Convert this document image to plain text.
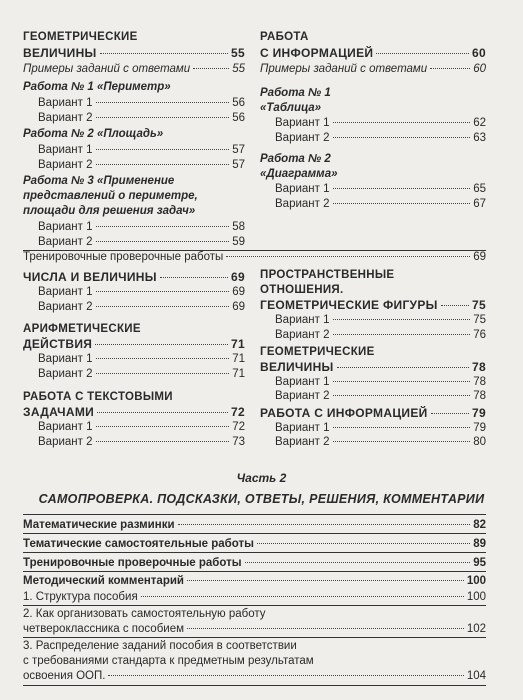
ГЕОМЕТРИЧЕСКИЕ
ВЕЛИЧИНЫ	55
Примеры заданий с ответами	55
Работа № 1 «Периметр»
Вариант 1	56
Вариант 2	56
Работа № 2 «Площадь»
Вариант 1	57
Вариант 2	57
Работа № 3 «Применение
представлений о периметре,
площади для решения задач»
Вариант 1	58
Вариант 2	59
РАБОТА
С ИНФОРМАЦИЕЙ	60
Примеры заданий с ответами	60
Работа № 1
«Таблица»
Вариант 1	62
Вариант 2	63
Работа № 2
«Диаграмма»
Вариант 1	65
Вариант 2	67
Тренировочные проверочные работы	69
ЧИСЛА И ВЕЛИЧИНЫ	69
Вариант 1	69
Вариант 2	69
АРИФМЕТИЧЕСКИЕ
ДЕЙСТВИЯ	71
Вариант 1	71
Вариант 2	71
РАБОТА С ТЕКСТОВЫМИ
ЗАДАЧАМИ	72
Вариант 1	72
Вариант 2	73
ПРОСТРАНСТВЕННЫЕ
ОТНОШЕНИЯ.
ГЕОМЕТРИЧЕСКИЕ ФИГУРЫ	75
Вариант 1	75
Вариант 2	76
ГЕОМЕТРИЧЕСКИЕ
ВЕЛИЧИНЫ	78
Вариант 1	78
Вариант 2	78
РАБОТА С ИНФОРМАЦИЕЙ	79
Вариант 1	79
Вариант 2	80
Часть 2
САМОПРОВЕРКА. ПОДСКАЗКИ, ОТВЕТЫ, РЕШЕНИЯ, КОММЕНТАРИИ
Математические разминки	82
Тематические самостоятельные работы	89
Тренировочные проверочные работы	95
Методический комментарий	100
1. Структура пособия	100
2. Как организовать самостоятельную работу
четвероклассника с пособием	102
3. Распределение заданий пособия в соответствии
с требованиями стандарта к предметным результатам
освоения ООП.	104
